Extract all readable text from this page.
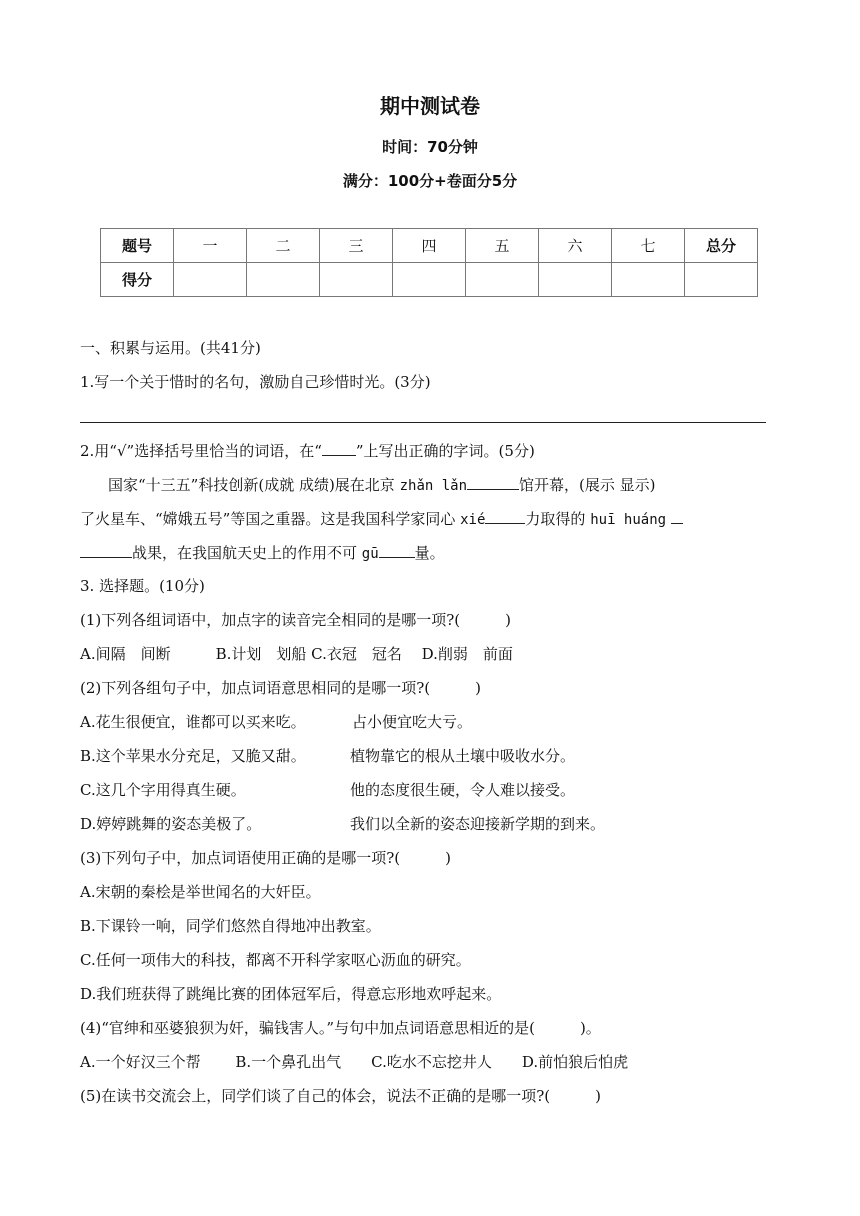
期中测试卷
时间：70分钟
满分：100分+卷面分5分
题号	一	二	三	四	五	六	七	总分
得分								
一、积累与运用。(共41分)
1.写一个关于惜时的名句，激励自己珍惜时光。(3分)
2.用“√”选择括号里恰当的词语，在“ ”上写出正确的字词。(5分)
国家“十三五”科技创新(成就 成绩)展在北京 zhǎn lǎn	馆开幕，(展示 显示)
了火星车、“嫦娥五号”等国之重器。这是我国科学家同心 xié	力取得的 huī huáng
战果，在我国航天史上的作用不可 gū 量。
3. 选择题。(10分)
(1)下列各组词语中，加点字的读音完全相同的是哪一项?(　　　)
A.间隔　间断　　　B.计划　划船 C.衣冠　冠名　 D.削弱　前面
(2)下列各组句子中，加点词语意思相同的是哪一项?(　　　)
A.花生很便宜，谁都可以买来吃。	占小便宜吃大亏。
B.这个苹果水分充足，又脆又甜。	植物靠它的根从土壤中吸收水分。
C.这几个字用得真生硬。	他的态度很生硬，令人难以接受。
D.婷婷跳舞的姿态美极了。	我们以全新的姿态迎接新学期的到来。
(3)下列句子中，加点词语使用正确的是哪一项?(　　　)
A.宋朝的秦桧是举世闻名的大奸臣。
B.下课铃一响，同学们悠然自得地冲出教室。
C.任何一项伟大的科技，都离不开科学家呕心沥血的研究。
D.我们班获得了跳绳比赛的团体冠军后，得意忘形地欢呼起来。
(4)“官绅和巫婆狼狈为奸，骗钱害人。”与句中加点词语意思相近的是(　　　)。
A.一个好汉三个帮　　 B.一个鼻孔出气　　C.吃水不忘挖井人　　D.前怕狼后怕虎
(5)在读书交流会上，同学们谈了自己的体会，说法不正确的是哪一项?(　　　)
